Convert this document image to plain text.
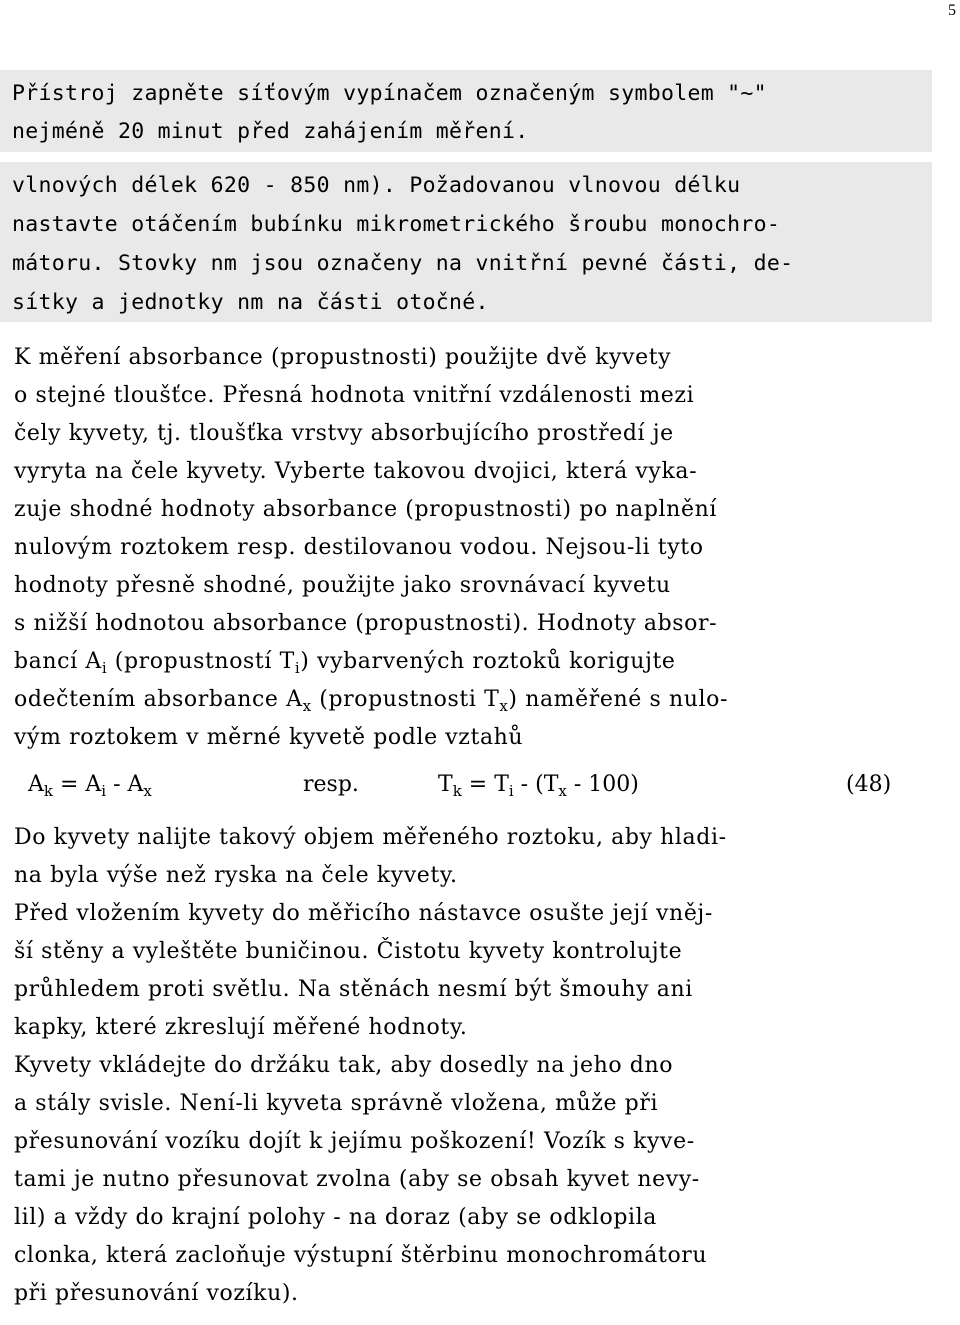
5
Přístroj zapněte síťovým vypínačem označeným symbolem "~"
nejméně 20 minut před zahájením měření.
vlnových délek 620 - 850 nm). Požadovanou vlnovou délku
nastavte otáčením bubínku mikrometrického šroubu monochro-
mátoru. Stovky nm jsou označeny na vnitřní pevné části, de-
sítky a jednotky nm na části otočné.
K měření absorbance (propustnosti) použijte dvě kyvety
o stejné tloušťce. Přesná hodnota vnitřní vzdálenosti mezi
čely kyvety, tj. tloušťka vrstvy absorbujícího prostředí je
vyryta na čele kyvety. Vyberte takovou dvojici, která vyka-
zuje shodné hodnoty absorbance (propustnosti) po naplnění
nulovým roztokem resp. destilovanou vodou. Nejsou-li tyto
hodnoty přesně shodné, použijte jako srovnávací kyvetu
s nižší hodnotou absorbance (propustnosti). Hodnoty absor-
bancí $A_i$ (propustností $T_i$) vybarvených roztoků korigujte
odečtením absorbance $A_x$ (propustnosti $T_x$) naměřené s nulo-
vým roztokem v měrné kyvetě podle vztahů

$A_k = A_i - A_x$

	resp.

	$T_k = T_i - (T_x - 100)$

	(48)

Do kyvety nalijte takový objem měřeného roztoku, aby hladi-
na byla výše než ryska na čele kyvety.
Před vložením kyvety do měřicího nástavce osušte její vněj-
ší stěny a vyleštěte buničinou. Čistotu kyvety kontrolujte
průhledem proti světlu. Na stěnách nesmí být šmouhy ani
kapky, které zkreslují měřené hodnoty.
Kyvety vkládejte do držáku tak, aby dosedly na jeho dno
a stály svisle. Není-li kyveta správně vložena, může při
přesunování vozíku dojít k jejímu poškození! Vozík s kyve-
tami je nutno přesunovat zvolna (aby se obsah kyvet nevy-
lil) a vždy do krajní polohy - na doraz (aby se odklopila
clonka, která zacloňuje výstupní štěrbinu monochromátoru
při přesunování vozíku).
